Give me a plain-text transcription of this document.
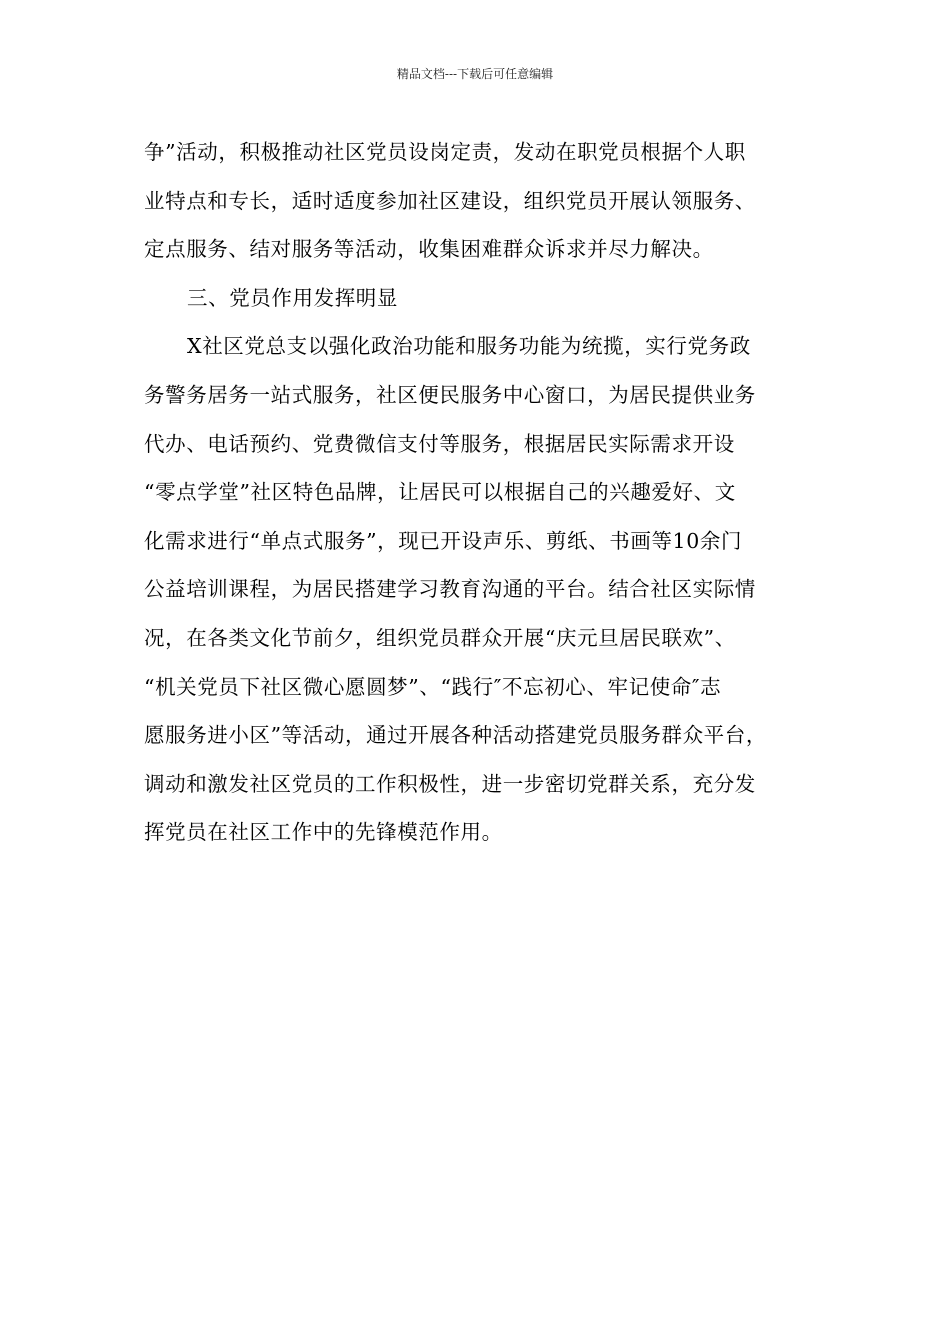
精品文档---下载后可任意编辑
争”活动，积极推动社区党员设岗定责，发动在职党员根据个人职
业特点和专长，适时适度参加社区建设，组织党员开展认领服务、
定点服务、结对服务等活动，收集困难群众诉求并尽力解决。
三、党员作用发挥明显
X社区党总支以强化政治功能和服务功能为统揽，实行党务政
务警务居务一站式服务，社区便民服务中心窗口，为居民提供业务
代办、电话预约、党费微信支付等服务，根据居民实际需求开设
“零点学堂”社区特色品牌，让居民可以根据自己的兴趣爱好、文
化需求进行“单点式服务”，现已开设声乐、剪纸、书画等10余门
公益培训课程，为居民搭建学习教育沟通的平台。结合社区实际情
况，在各类文化节前夕，组织党员群众开展“庆元旦居民联欢”、
“机关党员下社区微心愿圆梦”、“践行″不忘初心、牢记使命″志
愿服务进小区”等活动，通过开展各种活动搭建党员服务群众平台，
调动和激发社区党员的工作积极性，进一步密切党群关系，充分发
挥党员在社区工作中的先锋模范作用。
